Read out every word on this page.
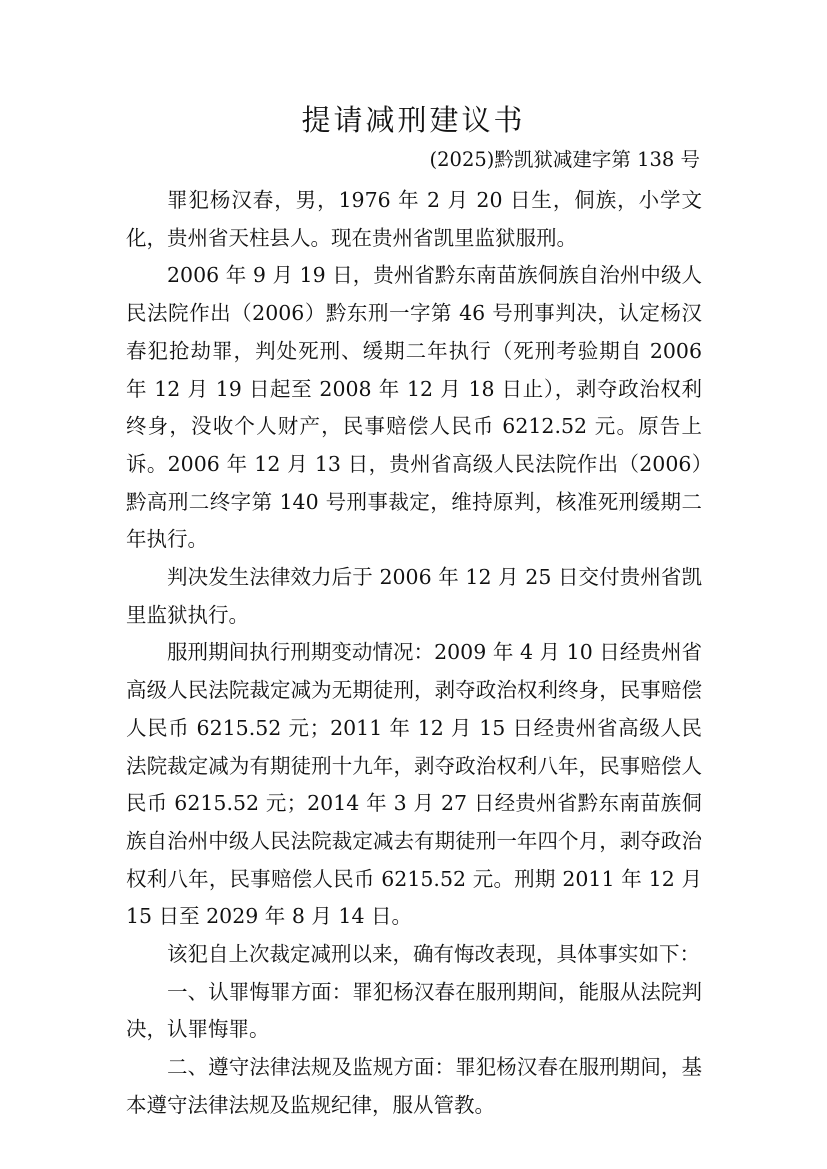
提请减刑建议书
(2025)黔凯狱减建字第 138 号

罪犯杨汉春，男，1976 年 2 月 20 日生，侗族，小学文化，贵州省天柱县人。现在贵州省凯里监狱服刑。

2006 年 9 月 19 日，贵州省黔东南苗族侗族自治州中级人民法院作出（2006）黔东刑一字第 46 号刑事判决，认定杨汉春犯抢劫罪，判处死刑、缓期二年执行（死刑考验期自 2006 年 12 月 19 日起至 2008 年 12 月 18 日止），剥夺政治权利终身，没收个人财产，民事赔偿人民币 6212.52 元。原告上诉。2006 年 12 月 13 日，贵州省高级人民法院作出（2006）黔高刑二终字第 140 号刑事裁定，维持原判，核准死刑缓期二年执行。

判决发生法律效力后于 2006 年 12 月 25 日交付贵州省凯里监狱执行。

服刑期间执行刑期变动情况：2009 年 4 月 10 日经贵州省高级人民法院裁定减为无期徒刑，剥夺政治权利终身，民事赔偿人民币 6215.52 元；2011 年 12 月 15 日经贵州省高级人民法院裁定减为有期徒刑十九年，剥夺政治权利八年，民事赔偿人民币 6215.52 元；2014 年 3 月 27 日经贵州省黔东南苗族侗族自治州中级人民法院裁定减去有期徒刑一年四个月，剥夺政治权利八年，民事赔偿人民币 6215.52 元。刑期 2011 年 12 月 15 日至 2029 年 8 月 14 日。

该犯自上次裁定减刑以来，确有悔改表现，具体事实如下：

一、认罪悔罪方面：罪犯杨汉春在服刑期间，能服从法院判决，认罪悔罪。

二、遵守法律法规及监规方面：罪犯杨汉春在服刑期间，基本遵守法律法规及监规纪律，服从管教。
